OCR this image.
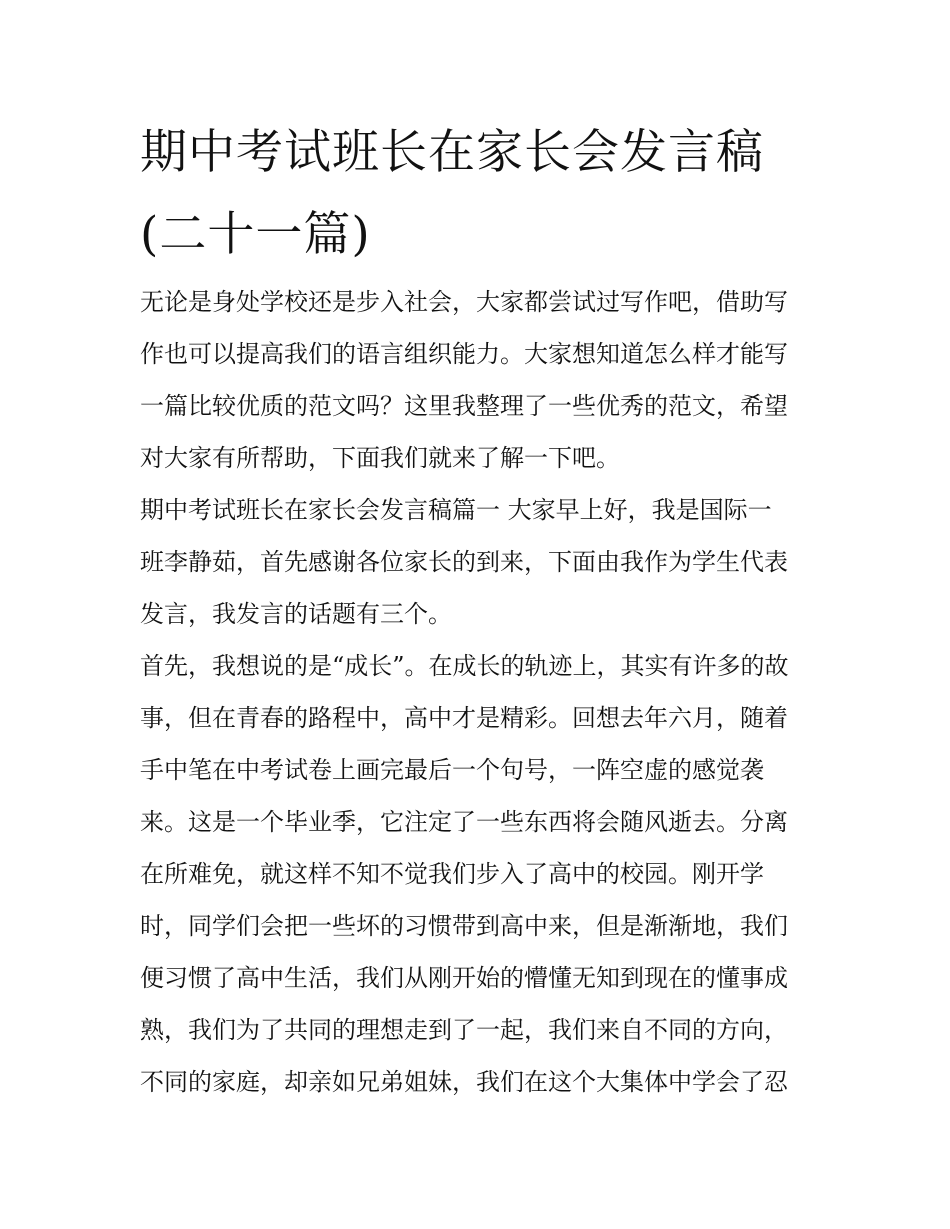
期中考试班长在家长会发言稿
(二十一篇)

无论是身处学校还是步入社会，大家都尝试过写作吧，借助写
作也可以提高我们的语言组织能力。大家想知道怎么样才能写
一篇比较优质的范文吗？这里我整理了一些优秀的范文，希望
对大家有所帮助，下面我们就来了解一下吧。

期中考试班长在家长会发言稿篇一 大家早上好，我是国际一
班李静茹，首先感谢各位家长的到来，下面由我作为学生代表
发言，我发言的话题有三个。

首先，我想说的是“成长”。在成长的轨迹上，其实有许多的故
事，但在青春的路程中，高中才是精彩。回想去年六月，随着
手中笔在中考试卷上画完最后一个句号，一阵空虚的感觉袭
来。这是一个毕业季，它注定了一些东西将会随风逝去。分离
在所难免，就这样不知不觉我们步入了高中的校园。刚开学
时，同学们会把一些坏的习惯带到高中来，但是渐渐地，我们
便习惯了高中生活，我们从刚开始的懵懂无知到现在的懂事成
熟，我们为了共同的理想走到了一起，我们来自不同的方向，
不同的家庭，却亲如兄弟姐妹，我们在这个大集体中学会了忍
